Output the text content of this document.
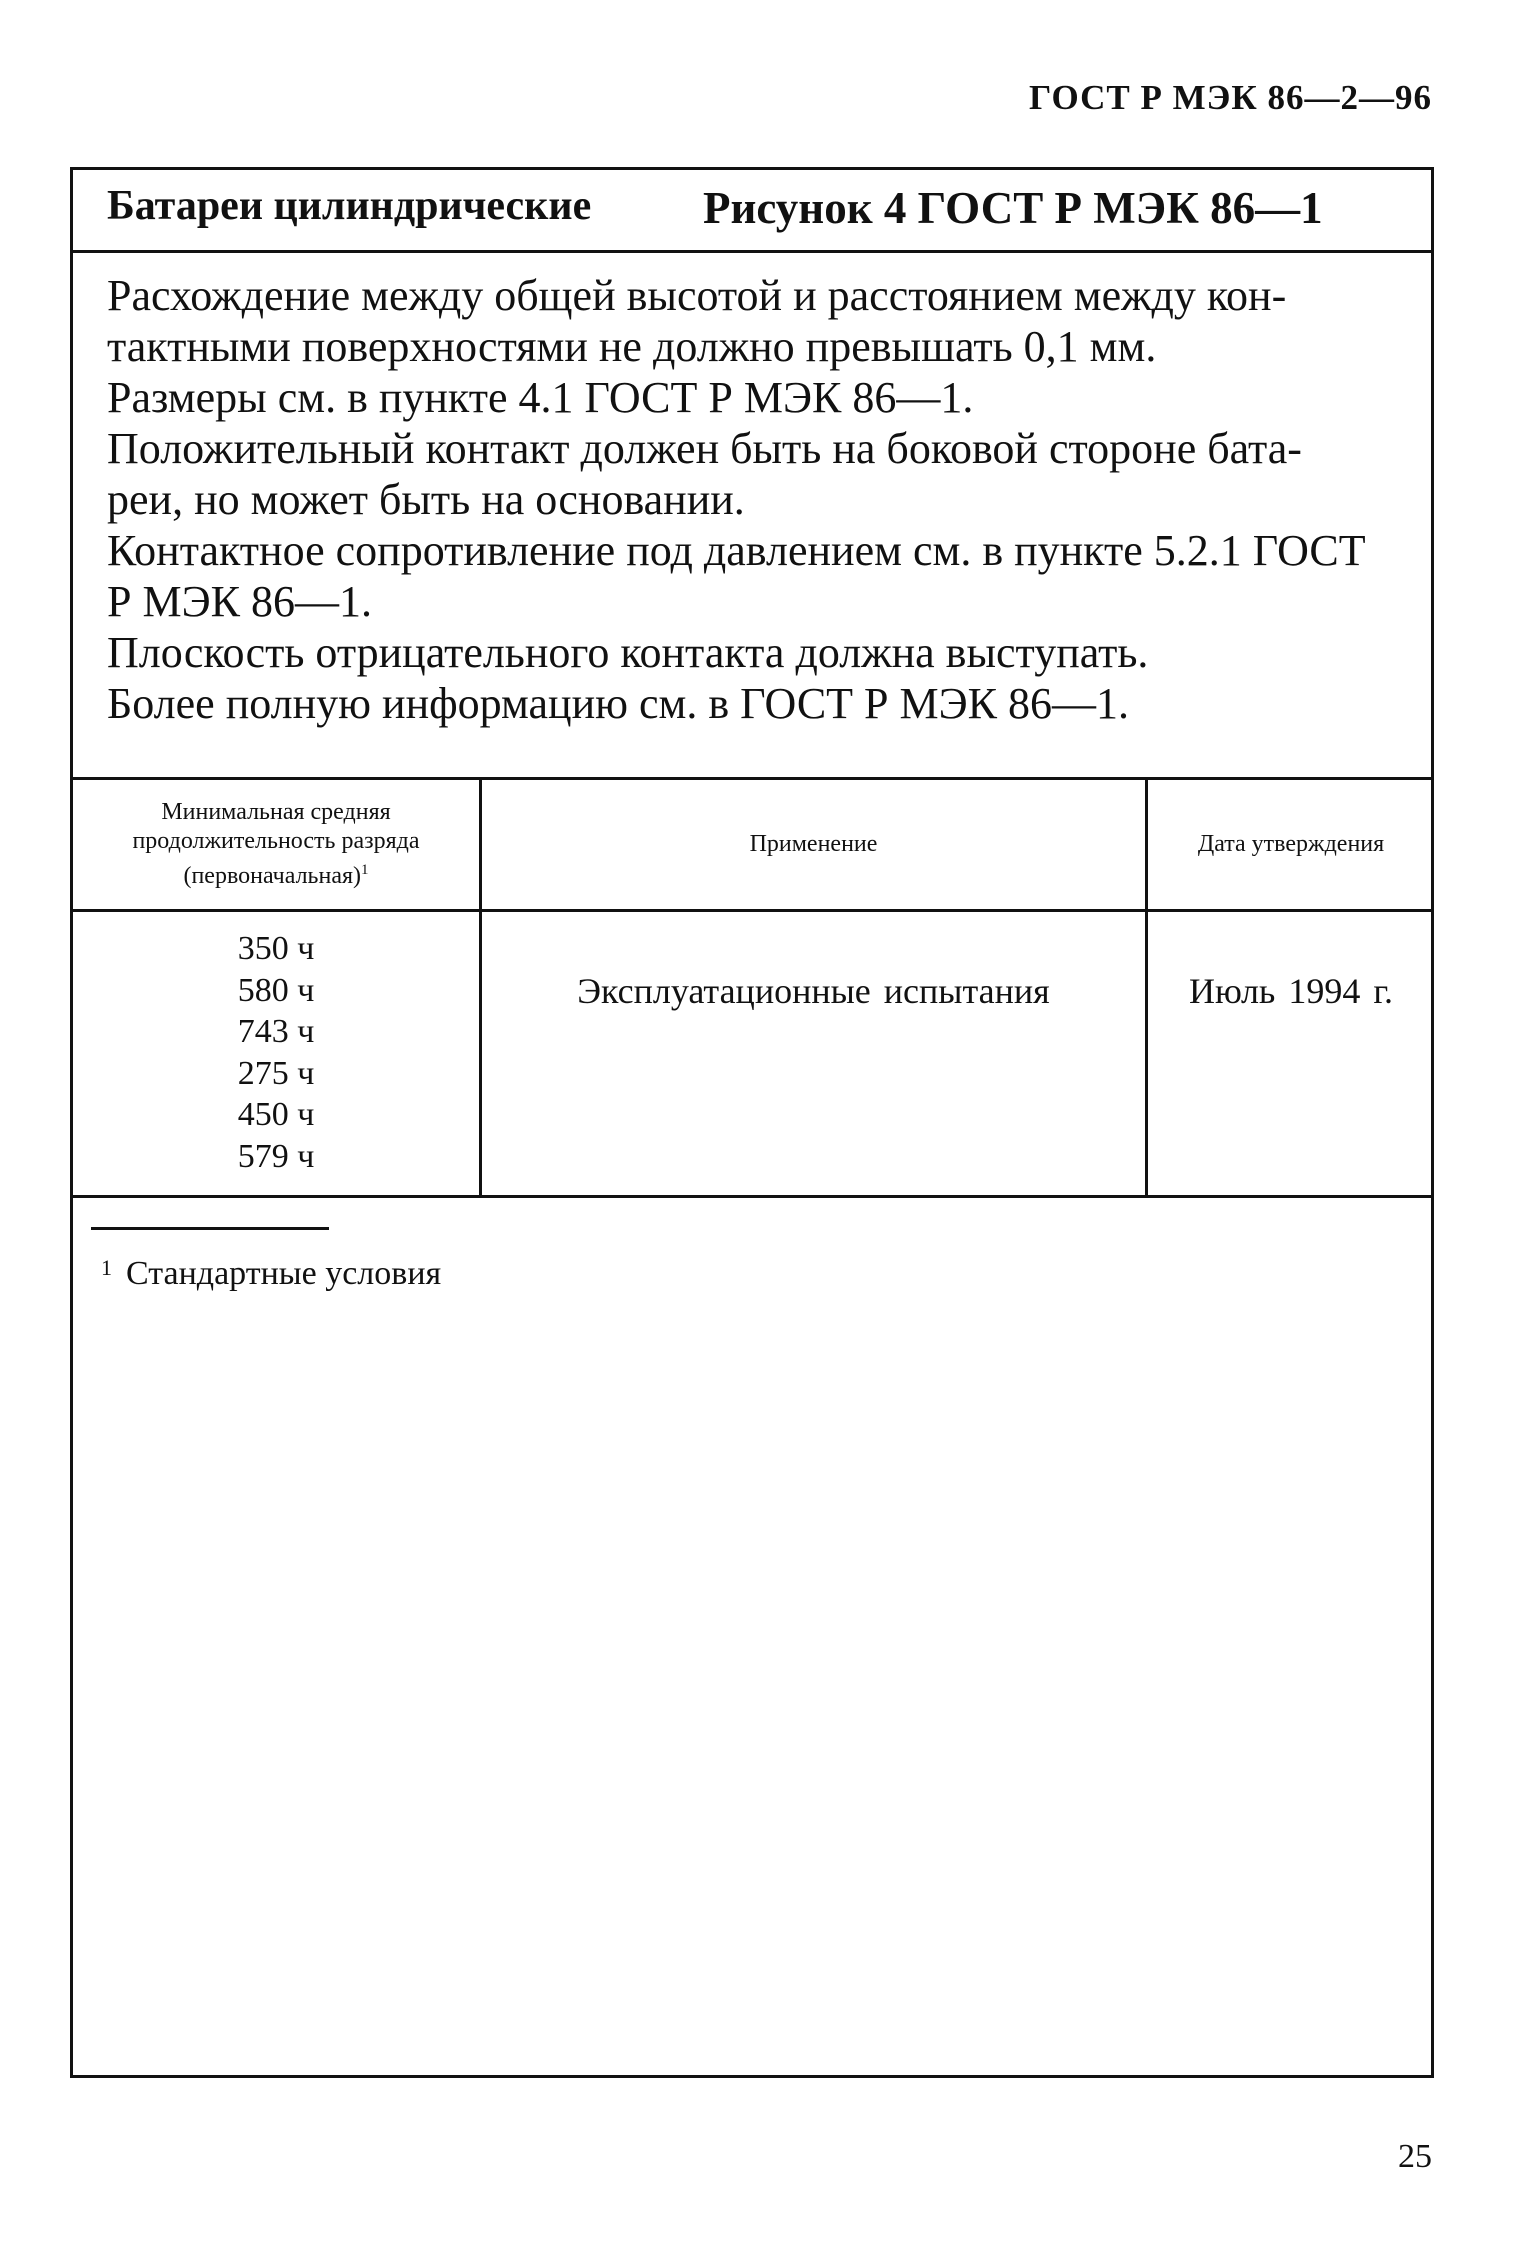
ГОСТ Р МЭК 86—2—96
Батареи цилиндрические Рисунок 4 ГОСТ Р МЭК 86—1

Расхождение между общей высотой и расстоянием между кон-

тактными поверхностями не должно превышать 0,1 мм.

Размеры см. в пункте 4.1 ГОСТ Р МЭК 86—1.

Положительный контакт должен быть на боковой стороне бата-

реи, но может быть на основании.

Контактное сопротивление под давлением см. в пункте 5.2.1 ГОСТ

Р МЭК 86—1.

Плоскость отрицательного контакта должна выступать.

Более полную информацию см. в ГОСТ Р МЭК 86—1.

Минимальная средняя
продолжительность разряда
(первоначальная)$^1$
Применение	Дата утверждения
350 ч
580 ч
743 ч
275 ч
450 ч
579 ч
Эксплуатационные испытания	Июль 1994 г.
$^1$ Стандартные условия
25
